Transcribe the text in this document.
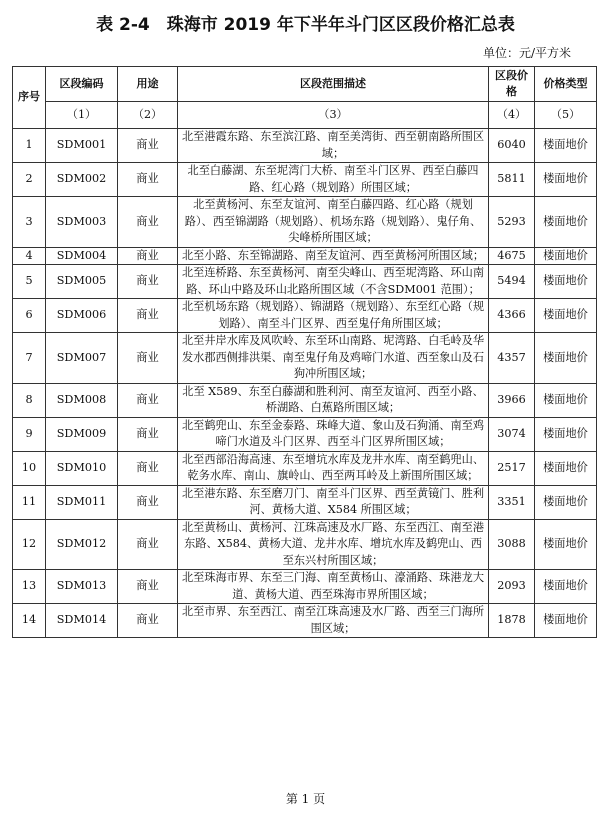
表 2-4　珠海市 2019 年下半年斗门区区段价格汇总表
单位：元/平方米
序号	区段编码	用途	区段范围描述	区段价格	价格类型
	（1）	（2）	（3）	（4）	（5）
1	SDM001	商业	北至港霞东路、东至滨江路、南至美湾街、西至朝南路所围区域；	6040	楼面地价
2	SDM002	商业	北至白藤湖、东至坭湾门大桥、南至斗门区界、西至白藤四路、红心路（规划路）所围区域；	5811	楼面地价
3	SDM003	商业	北至黄杨河、东至友谊河、南至白藤四路、红心路（规划路）、西至锦湖路（规划路）、机场东路（规划路）、鬼仔角、尖峰桥所围区域；	5293	楼面地价
4	SDM004	商业	北至小路、东至锦湖路、南至友谊河、西至黄杨河所围区域；	4675	楼面地价
5	SDM005	商业	北至连桥路、东至黄杨河、南至尖峰山、西至坭湾路、环山南路、环山中路及环山北路所围区域（不含SDM001 范围）；	5494	楼面地价
6	SDM006	商业	北至机场东路（规划路）、锦湖路（规划路）、东至红心路（规划路）、南至斗门区界、西至鬼仔角所围区域；	4366	楼面地价
7	SDM007	商业	北至井岸水库及风吹岭、东至环山南路、坭湾路、白毛岭及华发水郡西侧排洪渠、南至鬼仔角及鸡啼门水道、西至象山及石狗冲所围区域；	4357	楼面地价
8	SDM008	商业	北至 X589、东至白藤湖和胜利河、南至友谊河、西至小路、桥湖路、白蕉路所围区域；	3966	楼面地价
9	SDM009	商业	北至鹤兜山、东至金泰路、珠峰大道、象山及石狗涌、南至鸡啼门水道及斗门区界、西至斗门区界所围区域；	3074	楼面地价
10	SDM010	商业	北至西部沿海高速、东至增坑水库及龙井水库、南至鹤兜山、乾务水库、南山、旗岭山、西至两耳岭及上新围所围区域；	2517	楼面地价
11	SDM011	商业	北至港东路、东至磨刀门、南至斗门区界、西至黄镜门、胜利河、黄杨大道、X584 所围区域；	3351	楼面地价
12	SDM012	商业	北至黄杨山、黄杨河、江珠高速及水厂路、东至西江、南至港东路、X584、黄杨大道、龙井水库、增坑水库及鹤兜山、西至东兴村所围区域；	3088	楼面地价
13	SDM013	商业	北至珠海市界、东至三门海、南至黄杨山、濠涌路、珠港龙大道、黄杨大道、西至珠海市界所围区域；	2093	楼面地价
14	SDM014	商业	北至市界、东至西江、南至江珠高速及水厂路、西至三门海所围区域；	1878	楼面地价
第 1 页
